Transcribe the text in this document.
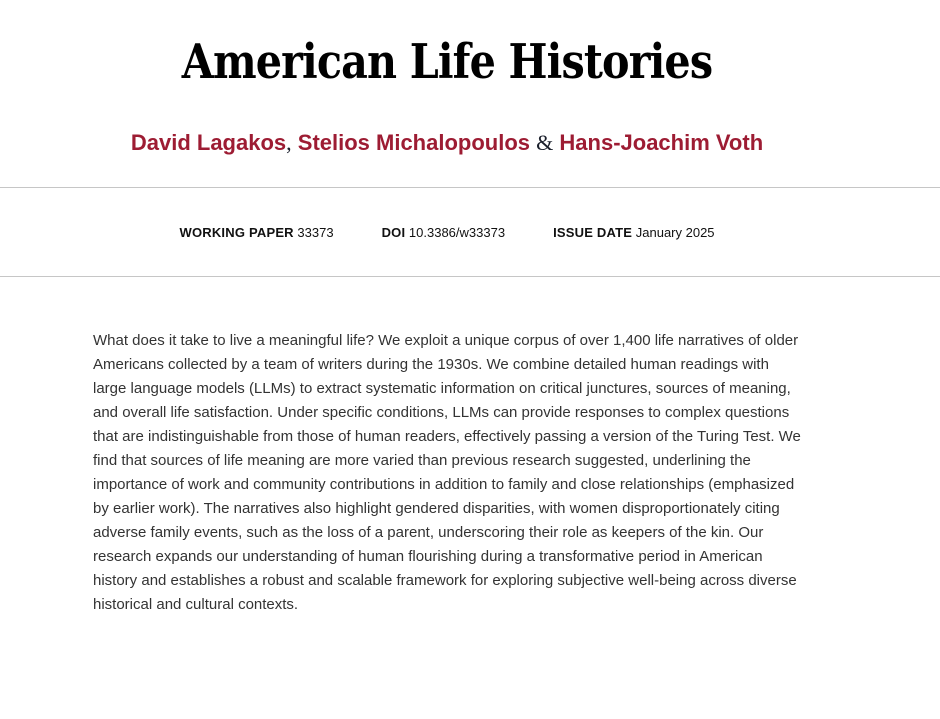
American Life Histories

David Lagakos, Stelios Michalopoulos & Hans-Joachim Voth

WORKING PAPER 33373	DOI 10.3386/w33373	ISSUE DATE January 2025

What does it take to live a meaningful life? We exploit a unique corpus of over 1,400 life narratives of older Americans collected by a team of writers during the 1930s. We combine detailed human readings with large language models (LLMs) to extract systematic information on critical junctures, sources of meaning, and overall life satisfaction. Under specific conditions, LLMs can provide responses to complex questions that are indistinguishable from those of human readers, effectively passing a version of the Turing Test. We find that sources of life meaning are more varied than previous research suggested, underlining the importance of work and community contributions in addition to family and close relationships (emphasized by earlier work). The narratives also highlight gendered disparities, with women disproportionately citing adverse family events, such as the loss of a parent, underscoring their role as keepers of the kin. Our research expands our understanding of human flourishing during a transformative period in American history and establishes a robust and scalable framework for exploring subjective well-being across diverse historical and cultural contexts.
